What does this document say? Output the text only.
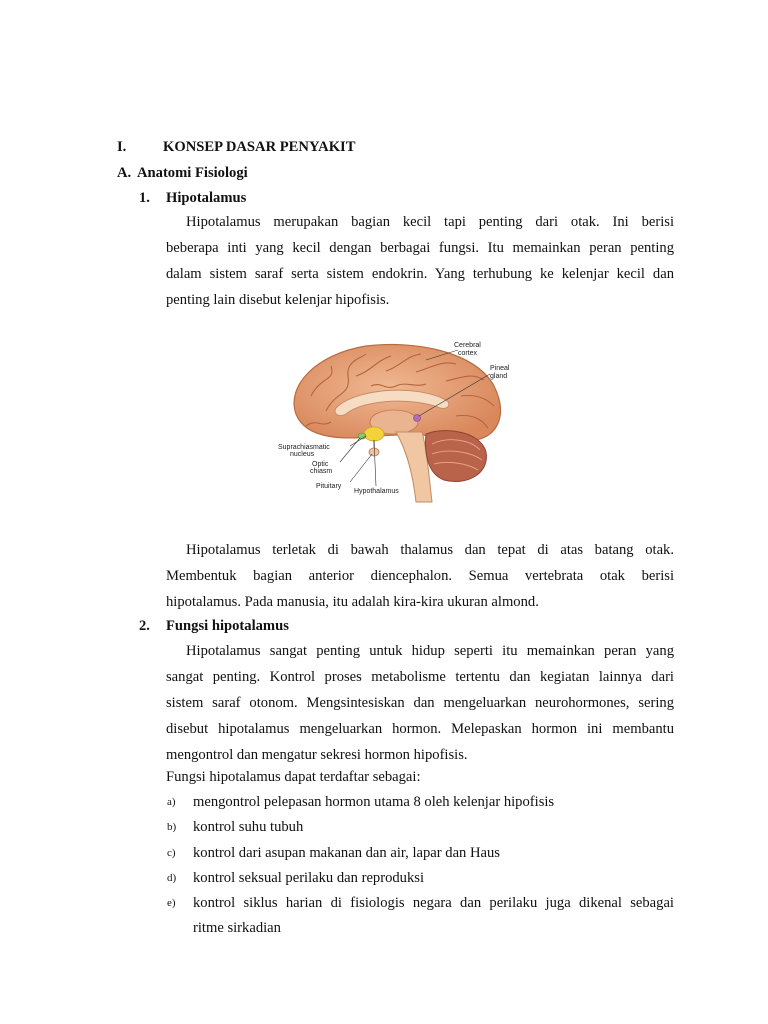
I.	KONSEP DASAR PENYAKIT
A. Anatomi Fisiologi
1. Hipotalamus
Hipotalamus merupakan bagian kecil tapi penting dari otak. Ini berisi
beberapa inti yang kecil dengan berbagai fungsi. Itu memainkan peran penting
dalam sistem saraf serta sistem endokrin. Yang terhubung ke kelenjar kecil dan
penting lain disebut kelenjar hipofisis.
Cerebral
cortex
Pineal
gland
Suprachiasmatic
nucleus
Optic
chiasm
Pituitary
Hypothalamus
Hipotalamus terletak di bawah thalamus dan tepat di atas batang otak.
Membentuk bagian anterior diencephalon. Semua vertebrata otak berisi
hipotalamus. Pada manusia, itu adalah kira-kira ukuran almond.
2. Fungsi hipotalamus
Hipotalamus sangat penting untuk hidup seperti itu memainkan peran yang
sangat penting. Kontrol proses metabolisme tertentu dan kegiatan lainnya dari
sistem saraf otonom. Mengsintesiskan dan mengeluarkan neurohormones, sering
disebut hipotalamus mengeluarkan hormon. Melepaskan hormon ini membantu
mengontrol dan mengatur sekresi hormon hipofisis.
Fungsi hipotalamus dapat terdaftar sebagai:
a) mengontrol pelepasan hormon utama 8 oleh kelenjar hipofisis
b) kontrol suhu tubuh
c) kontrol dari asupan makanan dan air, lapar dan Haus
d) kontrol seksual perilaku dan reproduksi
e) kontrol siklus harian di fisiologis negara dan perilaku juga dikenal sebagai
ritme sirkadian
